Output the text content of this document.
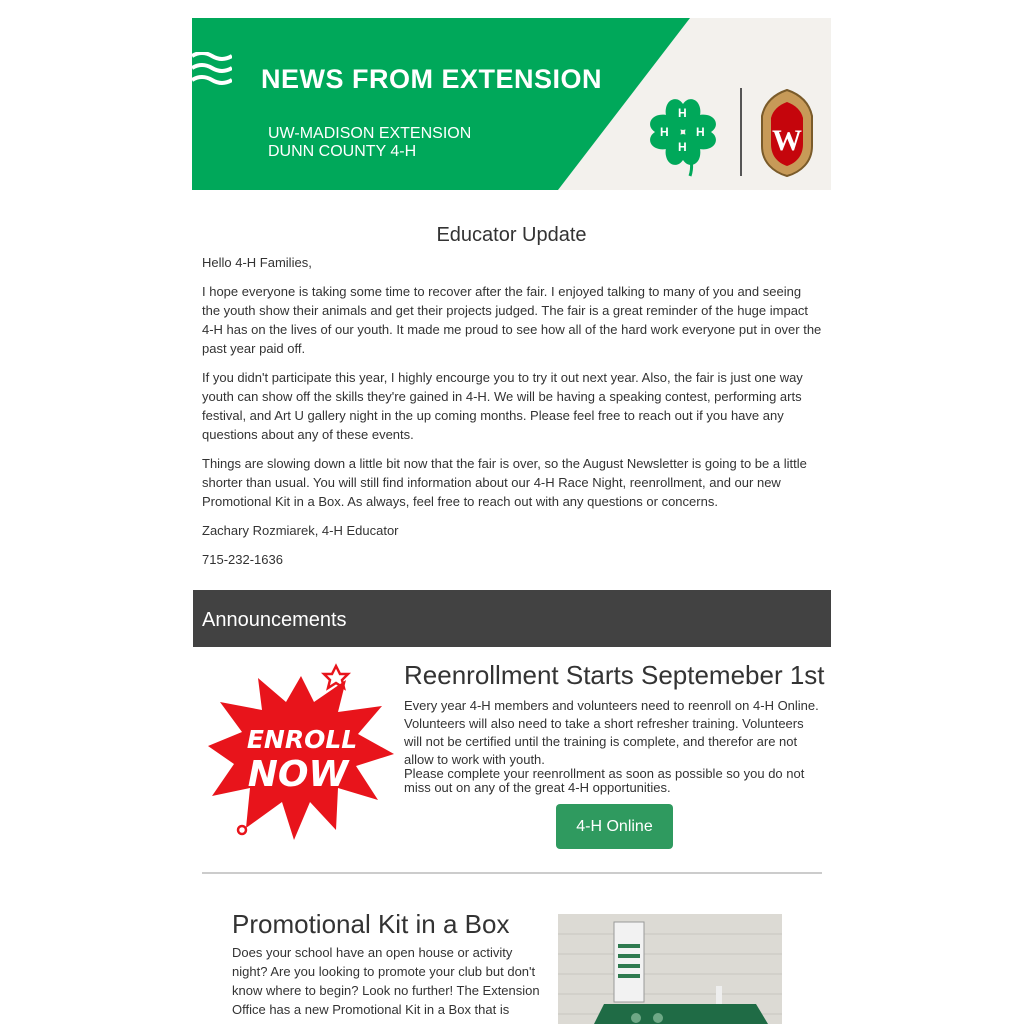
NEWS FROM EXTENSION
UW-MADISON EXTENSION
DUNN COUNTY 4-H
H
H
H H W
Educator Update

Hello 4-H Families,

I hope everyone is taking some time to recover after the fair. I enjoyed talking to many of you and seeing the youth show their animals and get their projects judged. The fair is a great reminder of the huge impact 4-H has on the lives of our youth. It made me proud to see how all of the hard work everyone put in over the past year paid off.

If you didn't participate this year, I highly encourge you to try it out next year. Also, the fair is just one way youth can show off the skills they're gained in 4-H. We will be having a speaking contest, performing arts festival, and Art U gallery night in the up coming months. Please feel free to reach out if you have any questions about any of these events.

Things are slowing down a little bit now that the fair is over, so the August Newsletter is going to be a little shorter than usual. You will still find information about our 4-H Race Night, reenrollment, and our new Promotional Kit in a Box. As always, feel free to reach out with any questions or concerns.

Zachary Rozmiarek, 4-H Educator

715-232-1636

Announcements
ENROLL
NOW
Reenrollment Starts Septemeber 1st

Every year 4-H members and volunteers need to reenroll on 4-H Online. Volunteers will also need to take a short refresher training. Volunteers will not be certified until the training is complete, and therefor are not allow to work with youth.

Please complete your reenrollment as soon as possible so you do not miss out on any of the great 4-H opportunities.

4-H Online
Promotional Kit in a Box

Does your school have an open house or activity night? Are you looking to promote your club but don't know where to begin? Look no further! The Extension Office has a new Promotional Kit in a Box that is
